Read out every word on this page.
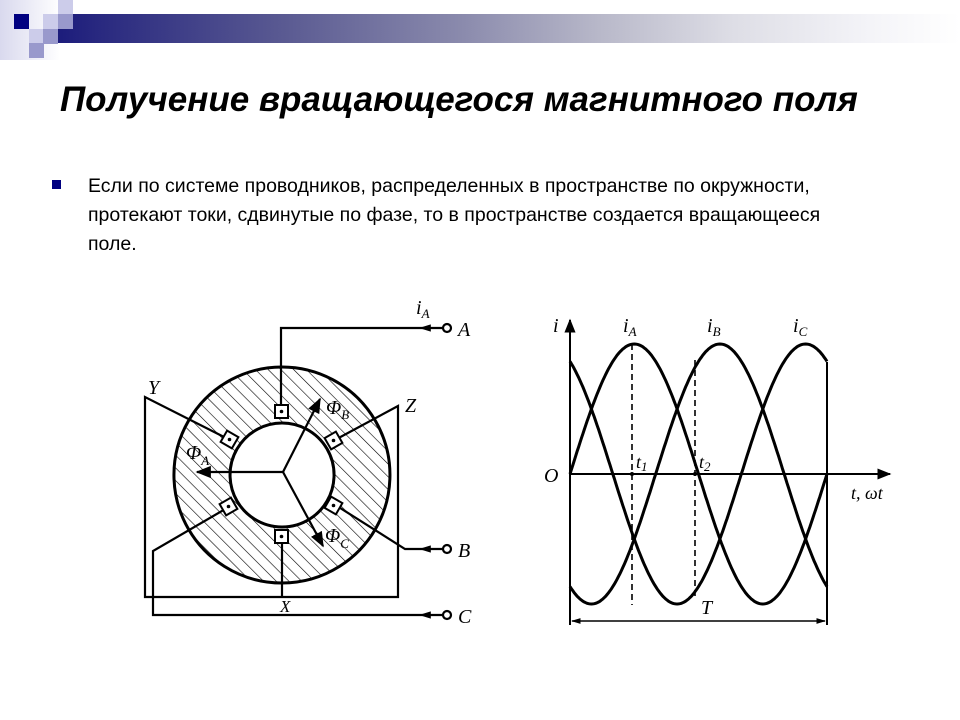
Получение вращающегося магнитного поля
Если по системе проводников, распределенных в пространстве по окружности, протекают токи, сдвинутые по фазе, то в пространстве создается вращающееся поле.
$i_A$
A
B
C
Y
Z
X
$\Phi_A$
$\Phi_B$
$\Phi_C$
i
O
t, ωt
T
t1	t2
$i_A$	$i_B$	$i_C$
